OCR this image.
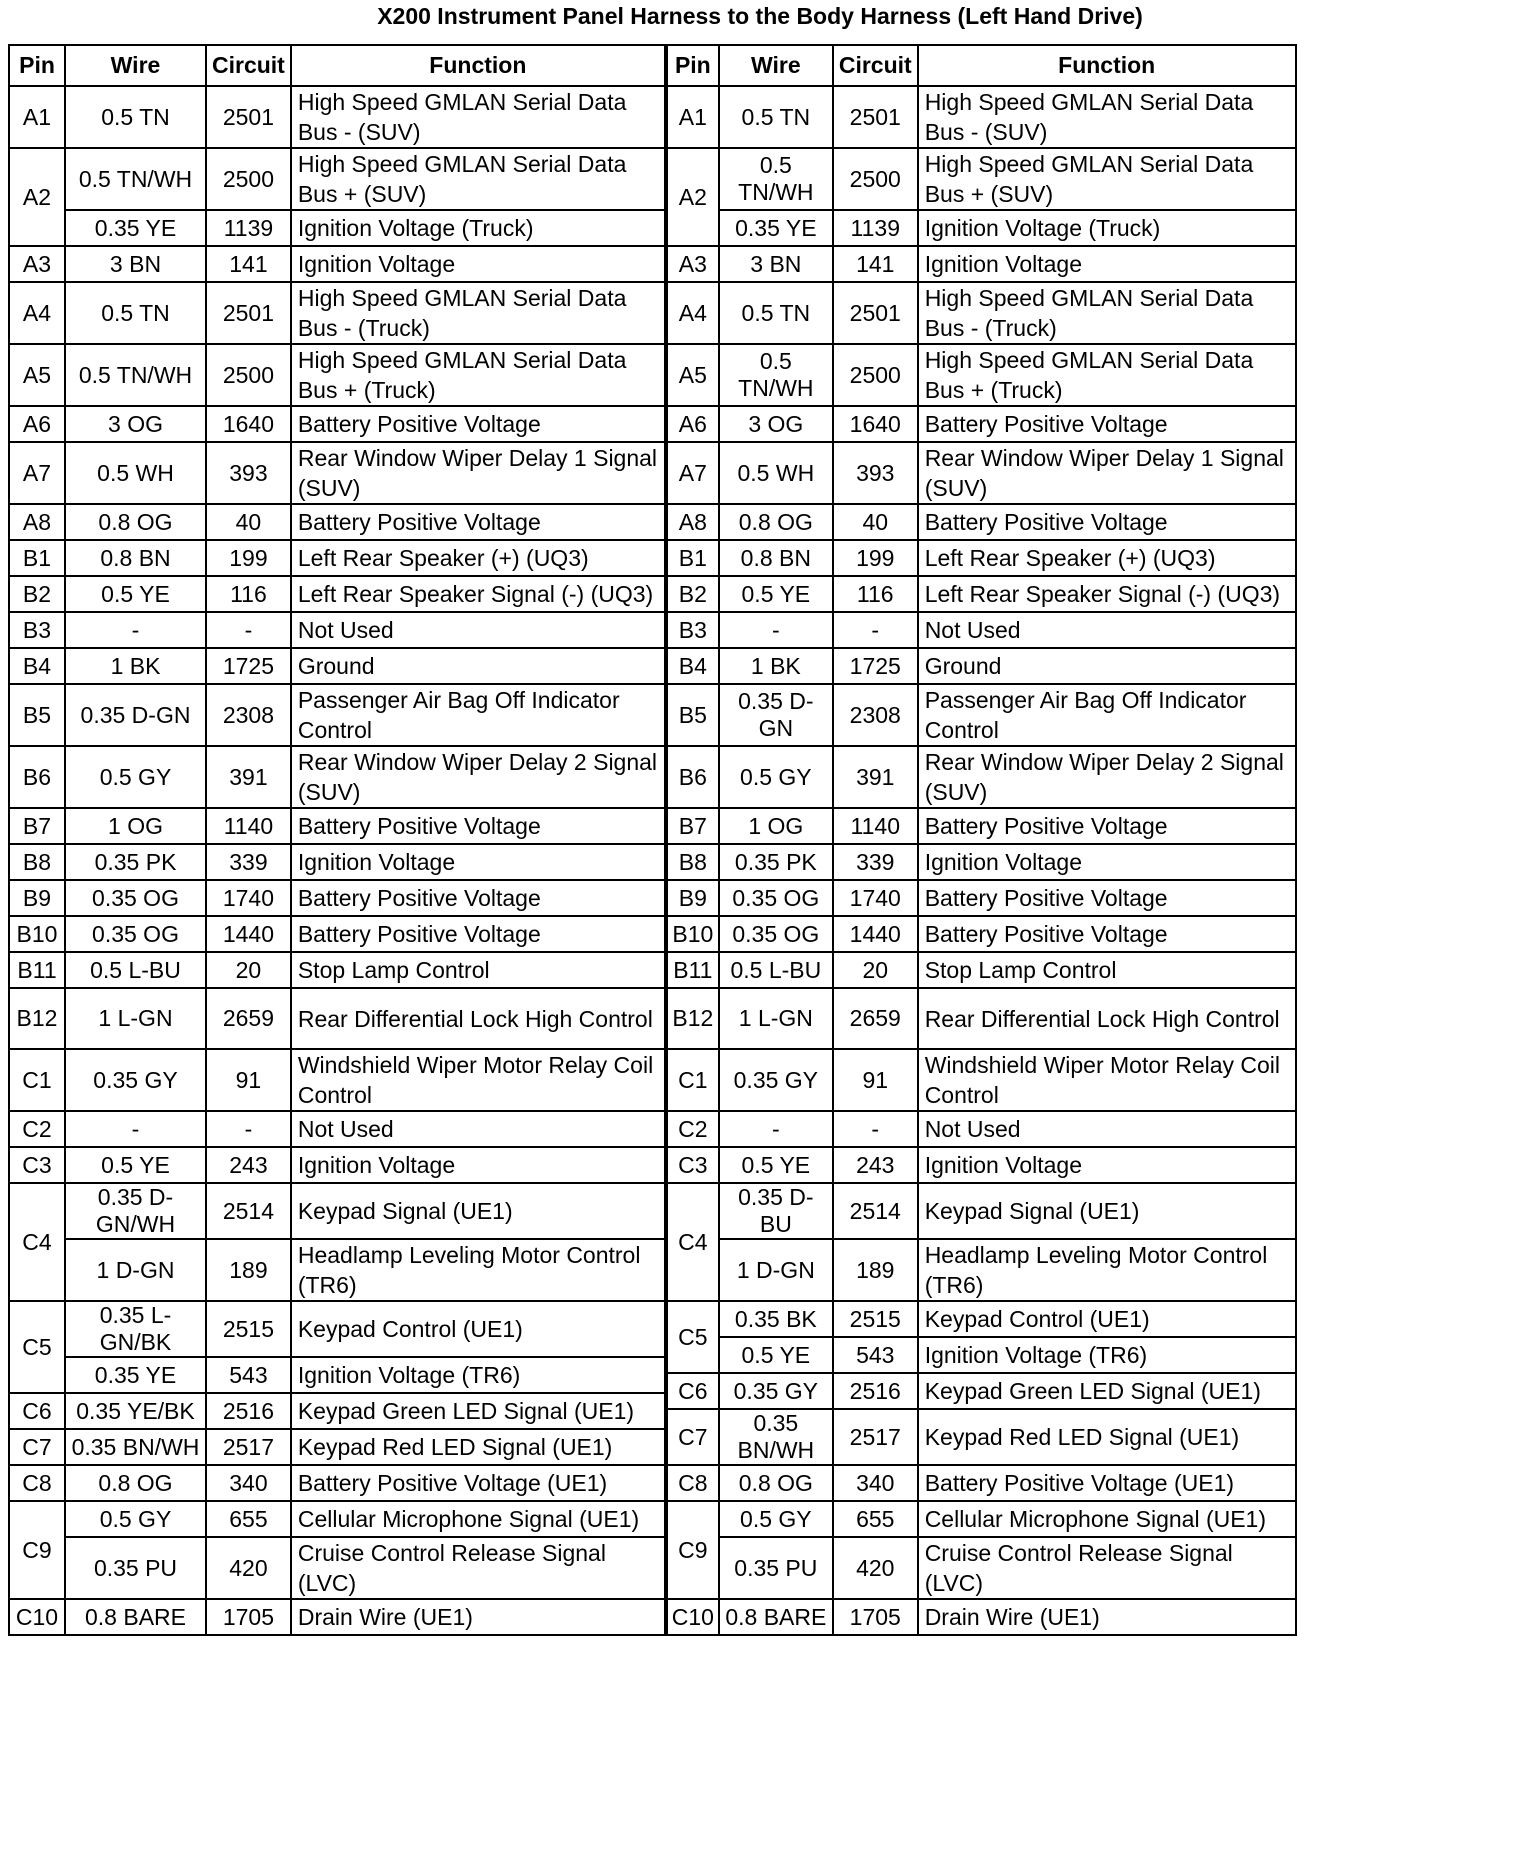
X200 Instrument Panel Harness to the Body Harness (Left Hand Drive)
Pin	Wire	Circuit	Function
A1	0.5 TN	2501	High Speed GMLAN Serial Data Bus - (SUV)
A2	0.5 TN/WH	2500	High Speed GMLAN Serial Data Bus + (SUV)
	0.35 YE	1139	Ignition Voltage (Truck)
A3	3 BN	141	Ignition Voltage
A4	0.5 TN	2501	High Speed GMLAN Serial Data Bus - (Truck)
A5	0.5 TN/WH	2500	High Speed GMLAN Serial Data Bus + (Truck)
A6	3 OG	1640	Battery Positive Voltage
A7	0.5 WH	393	Rear Window Wiper Delay 1 Signal (SUV)
A8	0.8 OG	40	Battery Positive Voltage
B1	0.8 BN	199	Left Rear Speaker (+) (UQ3)
B2	0.5 YE	116	Left Rear Speaker Signal (-) (UQ3)
B3	-	-	Not Used
B4	1 BK	1725	Ground
B5	0.35 D-GN	2308	Passenger Air Bag Off Indicator Control
B6	0.5 GY	391	Rear Window Wiper Delay 2 Signal (SUV)
B7	1 OG	1140	Battery Positive Voltage
B8	0.35 PK	339	Ignition Voltage
B9	0.35 OG	1740	Battery Positive Voltage
B10	0.35 OG	1440	Battery Positive Voltage
B11	0.5 L-BU	20	Stop Lamp Control
B12	1 L-GN	2659	Rear Differential Lock High Control
C1	0.35 GY	91	Windshield Wiper Motor Relay Coil Control
C2	-	-	Not Used
C3	0.5 YE	243	Ignition Voltage
C4	0.35 D-GN/WH	2514	Keypad Signal (UE1)
	1 D-GN	189	Headlamp Leveling Motor Control (TR6)
C5	0.35 L-GN/BK	2515	Keypad Control (UE1)
	0.35 YE	543	Ignition Voltage (TR6)
C6	0.35 YE/BK	2516	Keypad Green LED Signal (UE1)
C7	0.35 BN/WH	2517	Keypad Red LED Signal (UE1)
C8	0.8 OG	340	Battery Positive Voltage (UE1)
C9	0.5 GY	655	Cellular Microphone Signal (UE1)
	0.35 PU	420	Cruise Control Release Signal (LVC)
C10	0.8 BARE	1705	Drain Wire (UE1)
Pin	Wire	Circuit	Function
A1	0.5 TN	2501	High Speed GMLAN Serial Data Bus - (SUV)
A2	0.5 TN/WH	2500	High Speed GMLAN Serial Data Bus + (SUV)
	0.35 YE	1139	Ignition Voltage (Truck)
A3	3 BN	141	Ignition Voltage
A4	0.5 TN	2501	High Speed GMLAN Serial Data Bus - (Truck)
A5	0.5 TN/WH	2500	High Speed GMLAN Serial Data Bus + (Truck)
A6	3 OG	1640	Battery Positive Voltage
A7	0.5 WH	393	Rear Window Wiper Delay 1 Signal (SUV)
A8	0.8 OG	40	Battery Positive Voltage
B1	0.8 BN	199	Left Rear Speaker (+) (UQ3)
B2	0.5 YE	116	Left Rear Speaker Signal (-) (UQ3)
B3	-	-	Not Used
B4	1 BK	1725	Ground
B5	0.35 D-GN	2308	Passenger Air Bag Off Indicator Control
B6	0.5 GY	391	Rear Window Wiper Delay 2 Signal (SUV)
B7	1 OG	1140	Battery Positive Voltage
B8	0.35 PK	339	Ignition Voltage
B9	0.35 OG	1740	Battery Positive Voltage
B10	0.35 OG	1440	Battery Positive Voltage
B11	0.5 L-BU	20	Stop Lamp Control
B12	1 L-GN	2659	Rear Differential Lock High Control
C1	0.35 GY	91	Windshield Wiper Motor Relay Coil Control
C2	-	-	Not Used
C3	0.5 YE	243	Ignition Voltage
C4	0.35 D-BU	2514	Keypad Signal (UE1)
	1 D-GN	189	Headlamp Leveling Motor Control (TR6)
C5	0.35 BK	2515	Keypad Control (UE1)
	0.5 YE	543	Ignition Voltage (TR6)
C6	0.35 GY	2516	Keypad Green LED Signal (UE1)
C7	0.35 BN/WH	2517	Keypad Red LED Signal (UE1)
C8	0.8 OG	340	Battery Positive Voltage (UE1)
C9	0.5 GY	655	Cellular Microphone Signal (UE1)
	0.35 PU	420	Cruise Control Release Signal (LVC)
C10	0.8 BARE	1705	Drain Wire (UE1)
